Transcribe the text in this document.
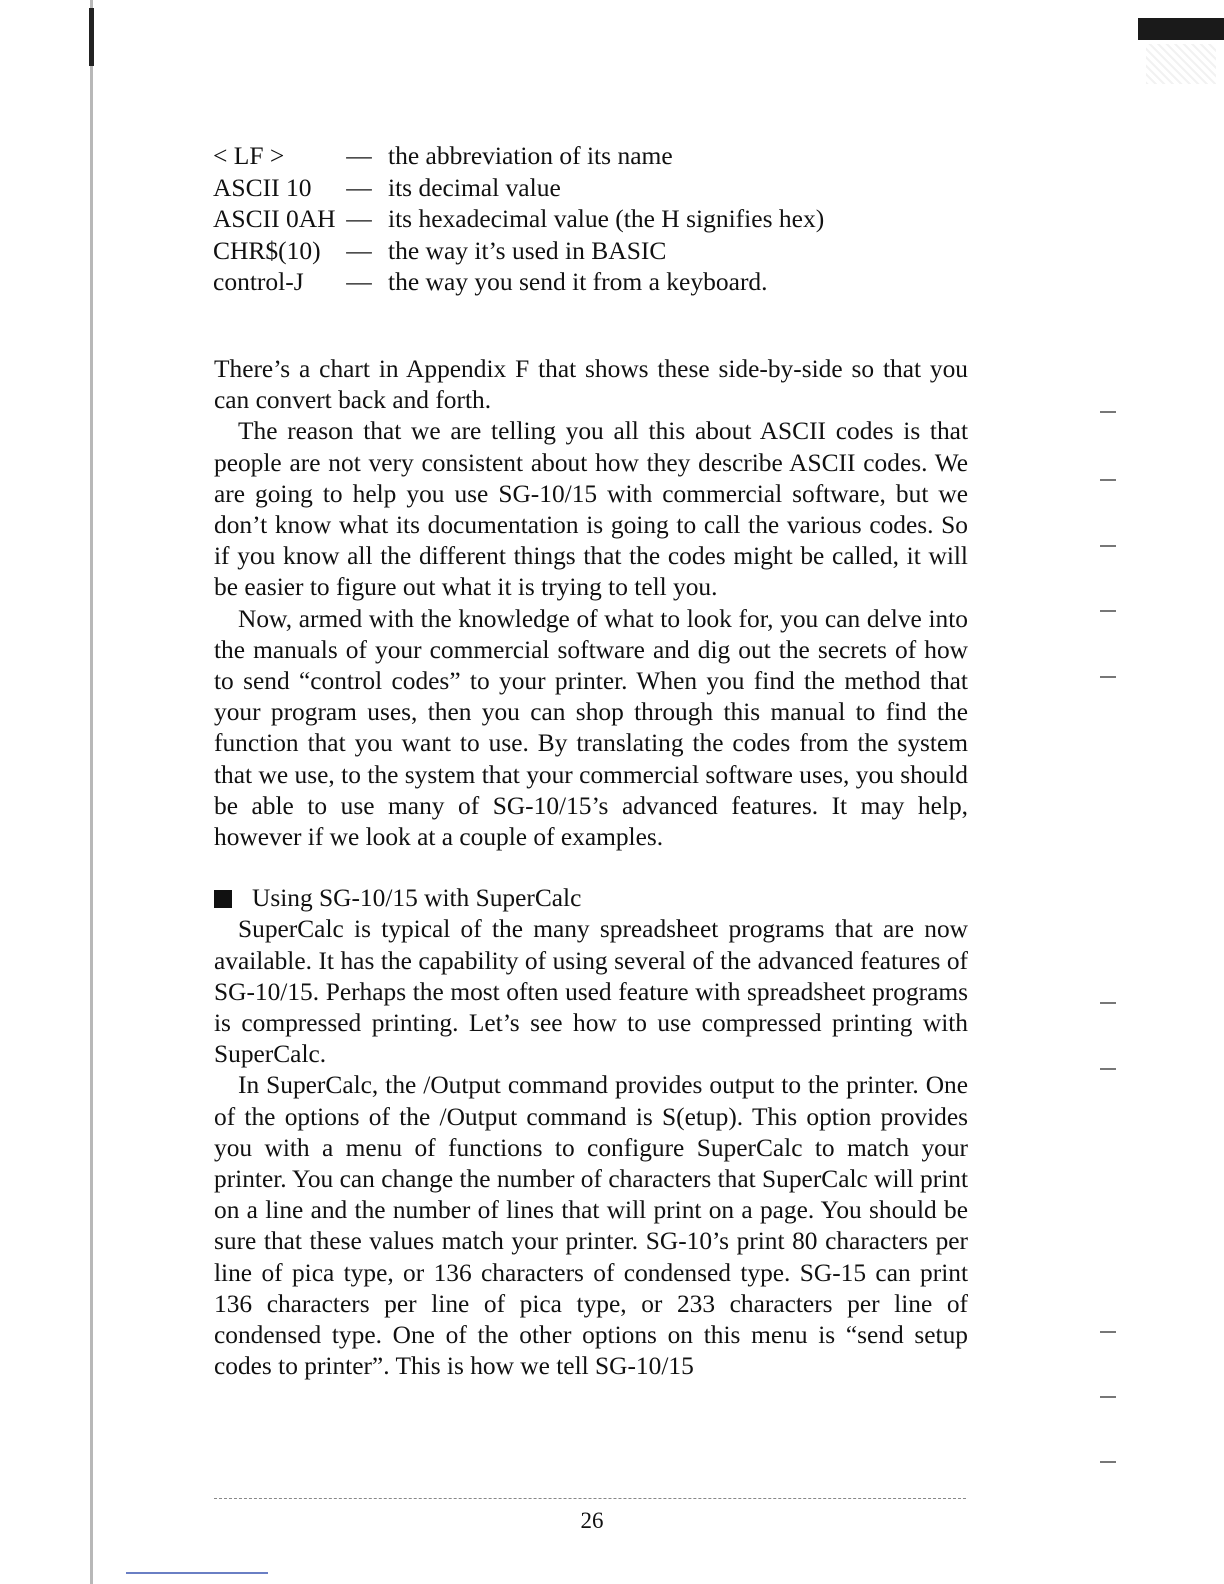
< LF >	— the abbreviation of its name
ASCII 10	— its decimal value
ASCII 0AH — its hexadecimal value (the H signifies hex)
CHR$(10)	— the way it’s used in BASIC
control-J	— the way you send it from a keyboard.

There’s a chart in Appendix F that shows these side-by-side so that you can convert back and forth.

The reason that we are telling you all this about ASCII codes is that people are not very consistent about how they describe ASCII codes. We are going to help you use SG-10/15 with commercial software, but we don’t know what its documentation is going to call the various codes. So if you know all the different things that the codes might be called, it will be easier to figure out what it is trying to tell you.

Now, armed with the knowledge of what to look for, you can delve into the manuals of your commercial software and dig out the secrets of how to send “control codes” to your printer. When you find the method that your program uses, then you can shop through this manual to find the function that you want to use. By translating the codes from the system that we use, to the system that your commercial software uses, you should be able to use many of SG-10/15’s advanced features. It may help, however if we look at a couple of examples.

Using SG-10/15 with SuperCalc

SuperCalc is typical of the many spreadsheet programs that are now available. It has the capability of using several of the advanced features of SG-10/15. Perhaps the most often used feature with spreadsheet programs is compressed printing. Let’s see how to use compressed printing with SuperCalc.

In SuperCalc, the /Output command provides output to the printer. One of the options of the /Output command is S(etup). This option provides you with a menu of functions to configure SuperCalc to match your printer. You can change the number of characters that SuperCalc will print on a line and the number of lines that will print on a page. You should be sure that these values match your printer. SG-10’s print 80 characters per line of pica type, or 136 characters of condensed type. SG-15 can print 136 characters per line of pica type, or 233 characters per line of condensed type. One of the other options on this menu is “send setup codes to printer”. This is how we tell SG-10/15

26
